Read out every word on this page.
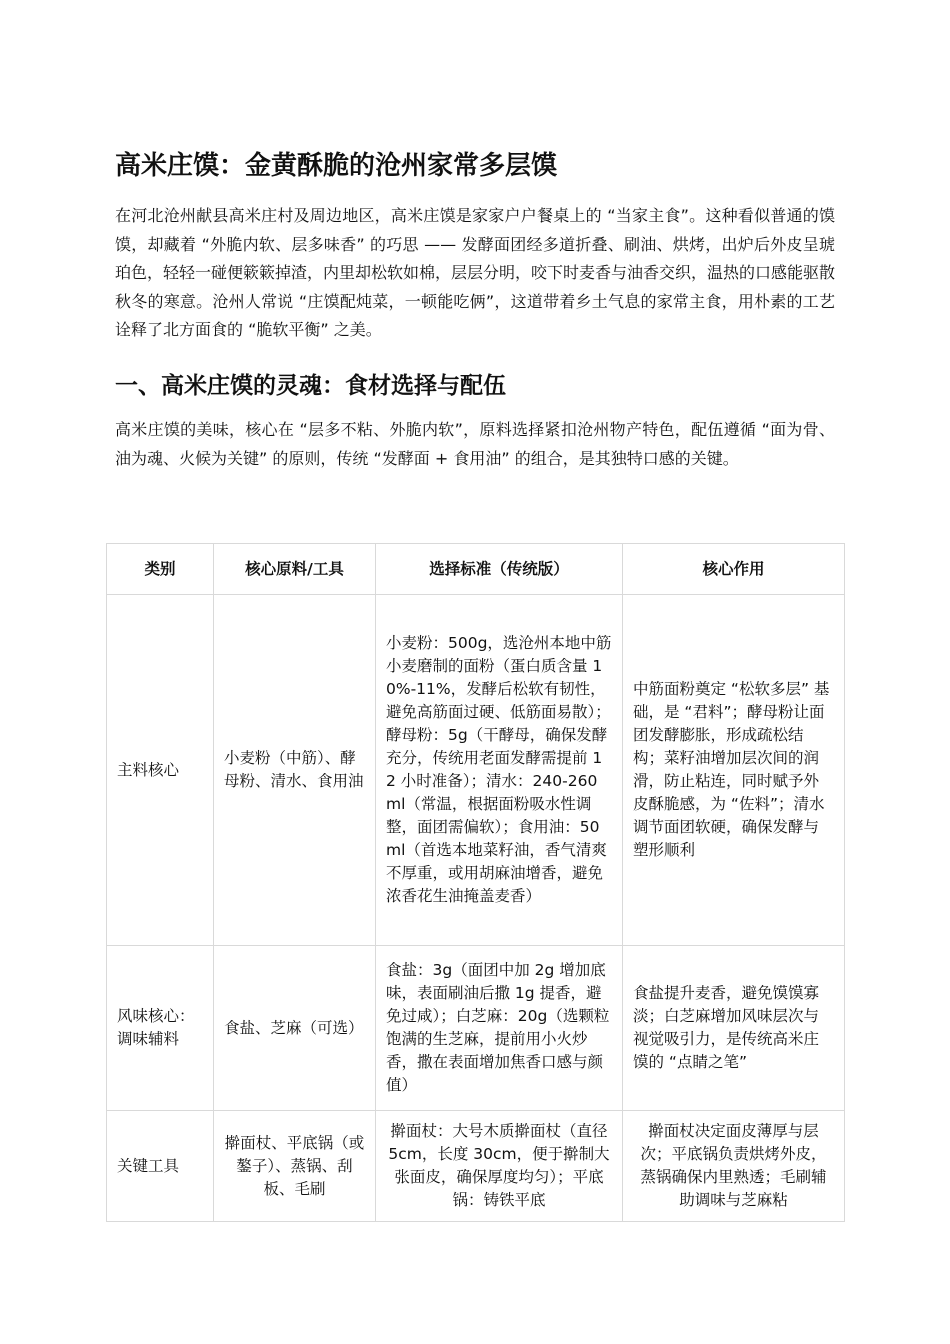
高米庄馍：金黄酥脆的沧州家常多层馍

在河北沧州献县高米庄村及周边地区，高米庄馍是家家户户餐桌上的 “当家主食”。这种看似普通的馍馍，却藏着 “外脆内软、层多味香” 的巧思 —— 发酵面团经多道折叠、刷油、烘烤，出炉后外皮呈琥珀色，轻轻一碰便簌簌掉渣，内里却松软如棉，层层分明，咬下时麦香与油香交织，温热的口感能驱散秋冬的寒意。沧州人常说 “庄馍配炖菜，一顿能吃俩”，这道带着乡土气息的家常主食，用朴素的工艺诠释了北方面食的 “脆软平衡” 之美。

一、高米庄馍的灵魂：食材选择与配伍

高米庄馍的美味，核心在 “层多不粘、外脆内软”，原料选择紧扣沧州物产特色，配伍遵循 “面为骨、油为魂、火候为关键” 的原则，传统 “发酵面 + 食用油” 的组合，是其独特口感的关键。

类别	核心原料/工具	选择标准（传统版）	核心作用
主料核心	小麦粉（中筋）、酵母粉、清水、食用油	小麦粉：500g，选沧州本地中筋小麦磨制的面粉（蛋白质含量 10%-11%，发酵后松软有韧性，避免高筋面过硬、低筋面易散）；酵母粉：5g（干酵母，确保发酵充分，传统用老面发酵需提前 12 小时准备）；清水：240-260ml（常温，根据面粉吸水性调整，面团需偏软）；食用油：50ml（首选本地菜籽油，香气清爽不厚重，或用胡麻油增香，避免浓香花生油掩盖麦香）	中筋面粉奠定 “松软多层” 基础，是 “君料”；酵母粉让面团发酵膨胀，形成疏松结构；菜籽油增加层次间的润滑，防止粘连，同时赋予外皮酥脆感，为 “佐料”；清水调节面团软硬，确保发酵与塑形顺利
风味核心：调味辅料	食盐、芝麻（可选）	食盐：3g（面团中加 2g 增加底味，表面刷油后撒 1g 提香，避免过咸）；白芝麻：20g（选颗粒饱满的生芝麻，提前用小火炒香，撒在表面增加焦香口感与颜值）	食盐提升麦香，避免馍馍寡淡；白芝麻增加风味层次与视觉吸引力，是传统高米庄馍的 “点睛之笔”
关键工具	擀面杖、平底锅（或鏊子）、蒸锅、刮板、毛刷	擀面杖：大号木质擀面杖（直径 5cm，长度 30cm，便于擀制大张面皮，确保厚度均匀）；平底锅：铸铁平底	擀面杖决定面皮薄厚与层次；平底锅负责烘烤外皮，蒸锅确保内里熟透；毛刷辅助调味与芝麻粘
